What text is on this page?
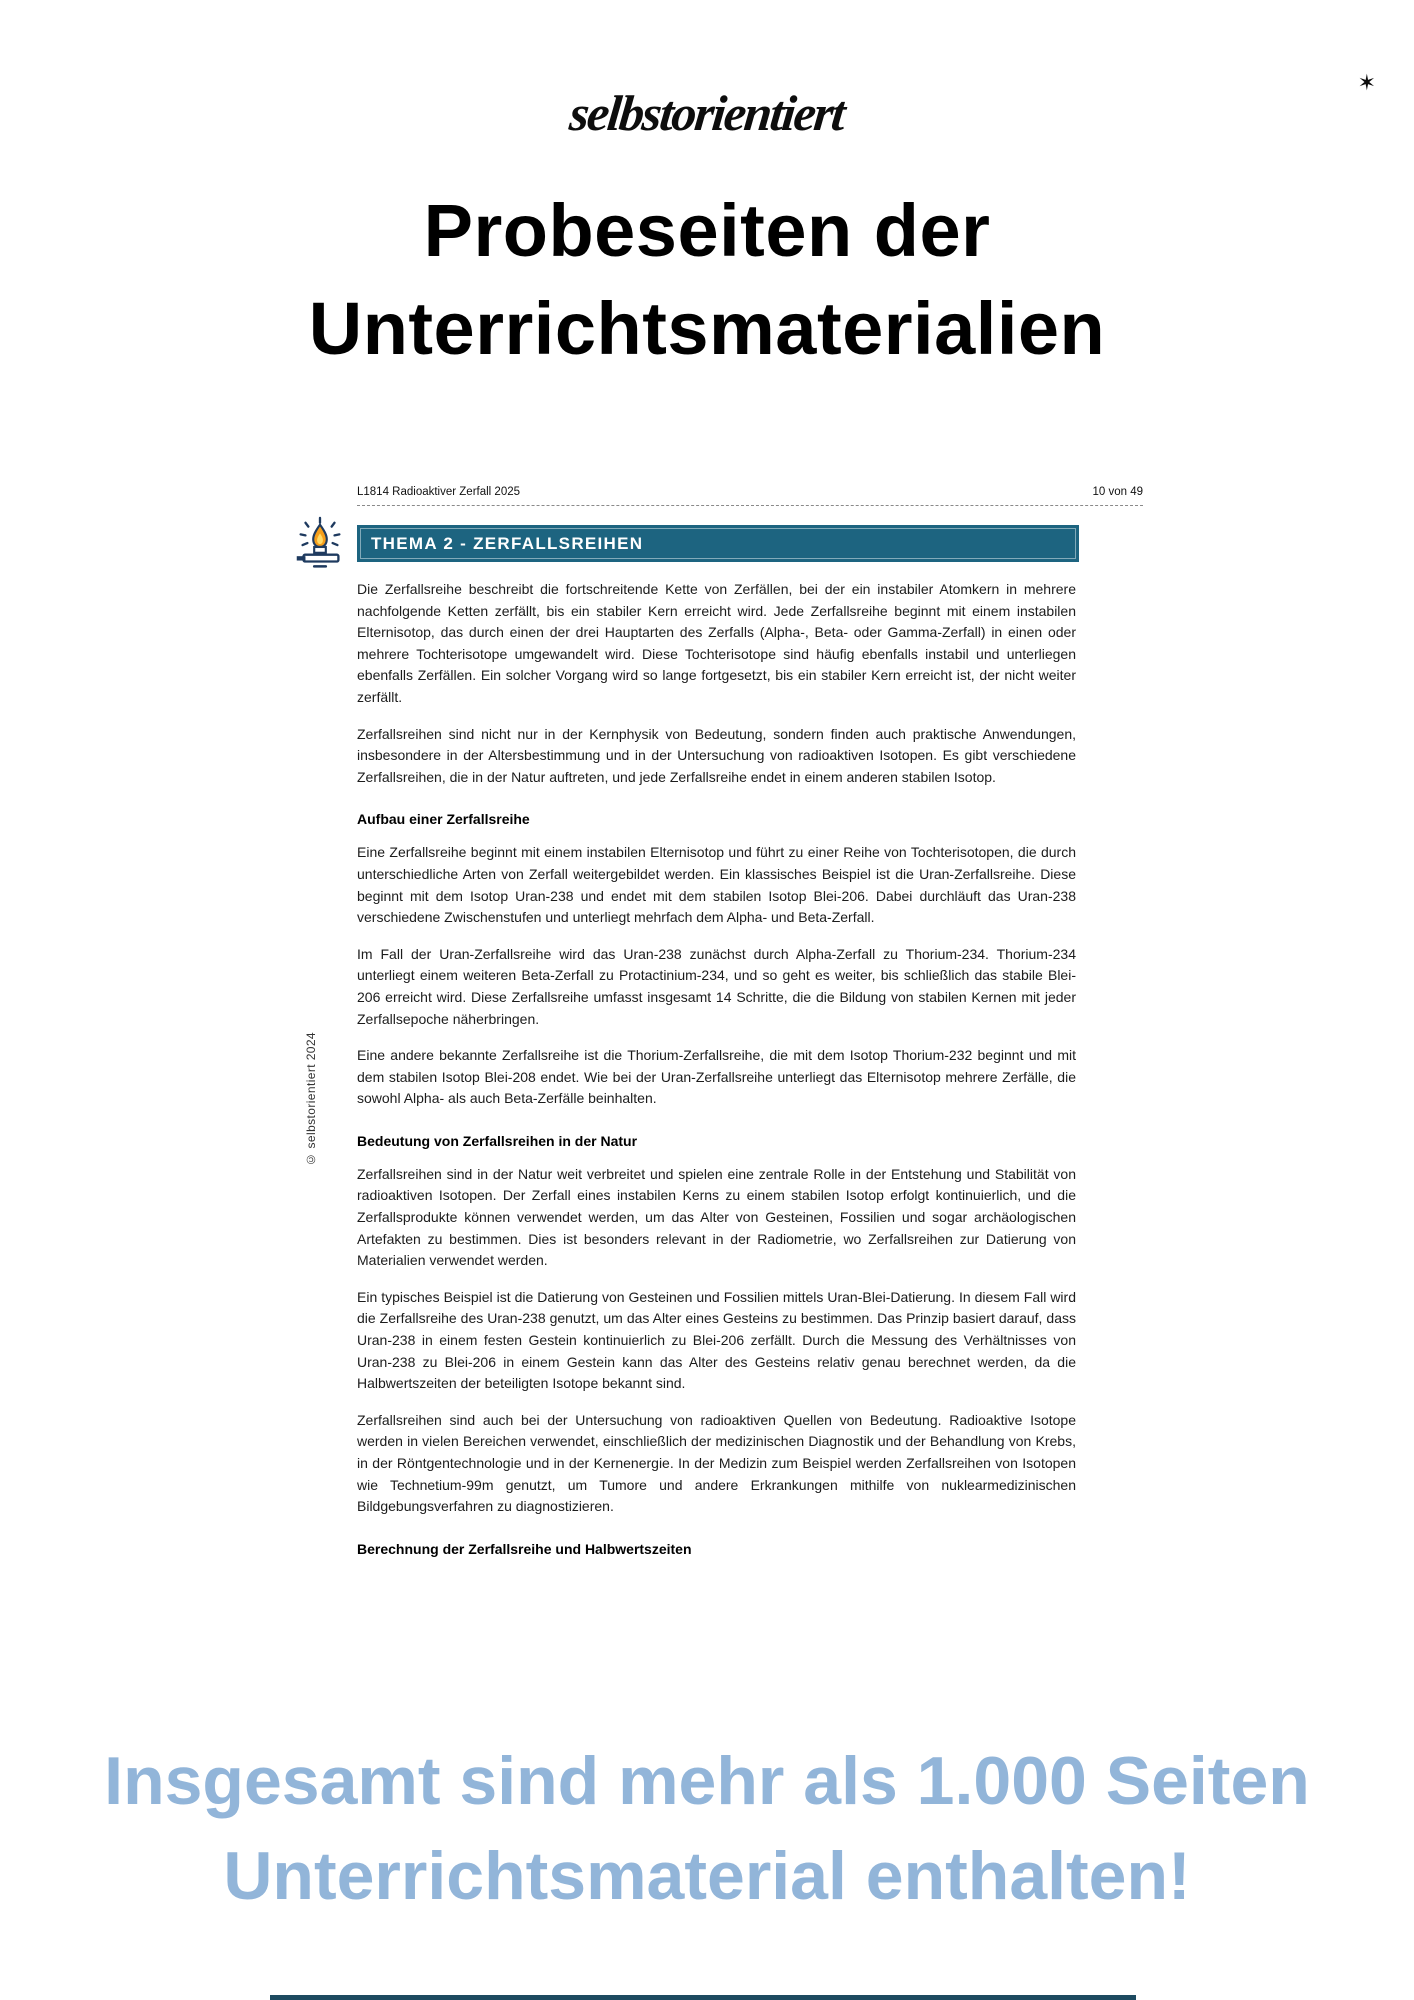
selbstorientiert
✶
Probeseiten der
Unterrichtsmaterialien
L1814 Radioaktiver Zerfall 2025	10 von 49
THEMA 2 - ZERFALLSREIHEN

Die Zerfallsreihe beschreibt die fortschreitende Kette von Zerfällen, bei der ein instabiler Atomkern in mehrere nachfolgende Ketten zerfällt, bis ein stabiler Kern erreicht wird. Jede Zerfallsreihe beginnt mit einem instabilen Elternisotop, das durch einen der drei Hauptarten des Zerfalls (Alpha-, Beta- oder Gamma-Zerfall) in einen oder mehrere Tochterisotope umgewandelt wird. Diese Tochterisotope sind häufig ebenfalls instabil und unterliegen ebenfalls Zerfällen. Ein solcher Vorgang wird so lange fortgesetzt, bis ein stabiler Kern erreicht ist, der nicht weiter zerfällt.

Zerfallsreihen sind nicht nur in der Kernphysik von Bedeutung, sondern finden auch praktische Anwendungen, insbesondere in der Altersbestimmung und in der Untersuchung von radioaktiven Isotopen. Es gibt verschiedene Zerfallsreihen, die in der Natur auftreten, und jede Zerfallsreihe endet in einem anderen stabilen Isotop.

Aufbau einer Zerfallsreihe

Eine Zerfallsreihe beginnt mit einem instabilen Elternisotop und führt zu einer Reihe von Tochterisotopen, die durch unterschiedliche Arten von Zerfall weitergebildet werden. Ein klassisches Beispiel ist die Uran-Zerfallsreihe. Diese beginnt mit dem Isotop Uran-238 und endet mit dem stabilen Isotop Blei-206. Dabei durchläuft das Uran-238 verschiedene Zwischenstufen und unterliegt mehrfach dem Alpha- und Beta-Zerfall.

Im Fall der Uran-Zerfallsreihe wird das Uran-238 zunächst durch Alpha-Zerfall zu Thorium-234. Thorium-234 unterliegt einem weiteren Beta-Zerfall zu Protactinium-234, und so geht es weiter, bis schließlich das stabile Blei-206 erreicht wird. Diese Zerfallsreihe umfasst insgesamt 14 Schritte, die die Bildung von stabilen Kernen mit jeder Zerfallsepoche näherbringen.

Eine andere bekannte Zerfallsreihe ist die Thorium-Zerfallsreihe, die mit dem Isotop Thorium-232 beginnt und mit dem stabilen Isotop Blei-208 endet. Wie bei der Uran-Zerfallsreihe unterliegt das Elternisotop mehrere Zerfälle, die sowohl Alpha- als auch Beta-Zerfälle beinhalten.

Bedeutung von Zerfallsreihen in der Natur

Zerfallsreihen sind in der Natur weit verbreitet und spielen eine zentrale Rolle in der Entstehung und Stabilität von radioaktiven Isotopen. Der Zerfall eines instabilen Kerns zu einem stabilen Isotop erfolgt kontinuierlich, und die Zerfallsprodukte können verwendet werden, um das Alter von Gesteinen, Fossilien und sogar archäologischen Artefakten zu bestimmen. Dies ist besonders relevant in der Radiometrie, wo Zerfallsreihen zur Datierung von Materialien verwendet werden.

Ein typisches Beispiel ist die Datierung von Gesteinen und Fossilien mittels Uran-Blei-Datierung. In diesem Fall wird die Zerfallsreihe des Uran-238 genutzt, um das Alter eines Gesteins zu bestimmen. Das Prinzip basiert darauf, dass Uran-238 in einem festen Gestein kontinuierlich zu Blei-206 zerfällt. Durch die Messung des Verhältnisses von Uran-238 zu Blei-206 in einem Gestein kann das Alter des Gesteins relativ genau berechnet werden, da die Halbwertszeiten der beteiligten Isotope bekannt sind.

Zerfallsreihen sind auch bei der Untersuchung von radioaktiven Quellen von Bedeutung. Radioaktive Isotope werden in vielen Bereichen verwendet, einschließlich der medizinischen Diagnostik und der Behandlung von Krebs, in der Röntgentechnologie und in der Kernenergie. In der Medizin zum Beispiel werden Zerfallsreihen von Isotopen wie Technetium-99m genutzt, um Tumore und andere Erkrankungen mithilfe von nuklearmedizinischen Bildgebungsverfahren zu diagnostizieren.

Berechnung der Zerfallsreihe und Halbwertszeiten
© selbstorientiert 2024
Insgesamt sind mehr als 1.000 Seiten
Unterrichtsmaterial enthalten!
